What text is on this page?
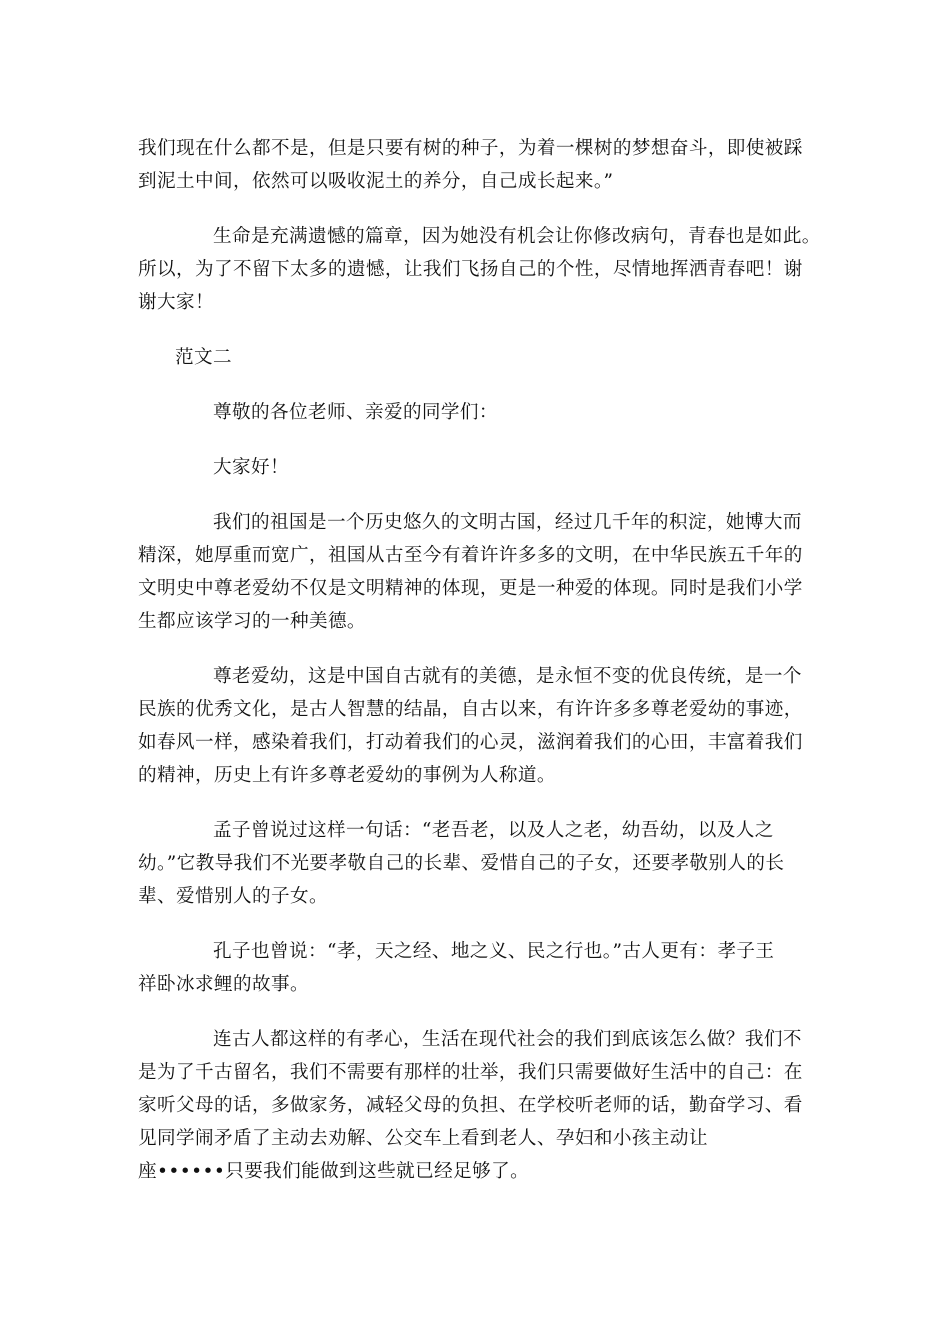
我们现在什么都不是，但是只要有树的种子，为着一棵树的梦想奋斗，即使被踩
到泥土中间，依然可以吸收泥土的养分，自己成长起来。”

生命是充满遗憾的篇章，因为她没有机会让你修改病句，青春也是如此。
所以，为了不留下太多的遗憾，让我们飞扬自己的个性，尽情地挥洒青春吧！谢
谢大家！

范文二

尊敬的各位老师、亲爱的同学们：

大家好！

我们的祖国是一个历史悠久的文明古国，经过几千年的积淀，她博大而
精深，她厚重而宽广，祖国从古至今有着许许多多的文明，在中华民族五千年的
文明史中尊老爱幼不仅是文明精神的体现，更是一种爱的体现。同时是我们小学
生都应该学习的一种美德。

尊老爱幼，这是中国自古就有的美德，是永恒不变的优良传统，是一个
民族的优秀文化，是古人智慧的结晶，自古以来，有许许多多尊老爱幼的事迹，
如春风一样，感染着我们，打动着我们的心灵，滋润着我们的心田，丰富着我们
的精神，历史上有许多尊老爱幼的事例为人称道。

孟子曾说过这样一句话：“老吾老，以及人之老，幼吾幼，以及人之
幼。”它教导我们不光要孝敬自己的长辈、爱惜自己的子女，还要孝敬别人的长
辈、爱惜别人的子女。

孔子也曾说：“孝，天之经、地之义、民之行也。”古人更有：孝子王
祥卧冰求鲤的故事。

连古人都这样的有孝心，生活在现代社会的我们到底该怎么做？我们不
是为了千古留名，我们不需要有那样的壮举，我们只需要做好生活中的自己：在
家听父母的话，多做家务，减轻父母的负担、在学校听老师的话，勤奋学习、看
见同学闹矛盾了主动去劝解、公交车上看到老人、孕妇和小孩主动让
座••••••只要我们能做到这些就已经足够了。
